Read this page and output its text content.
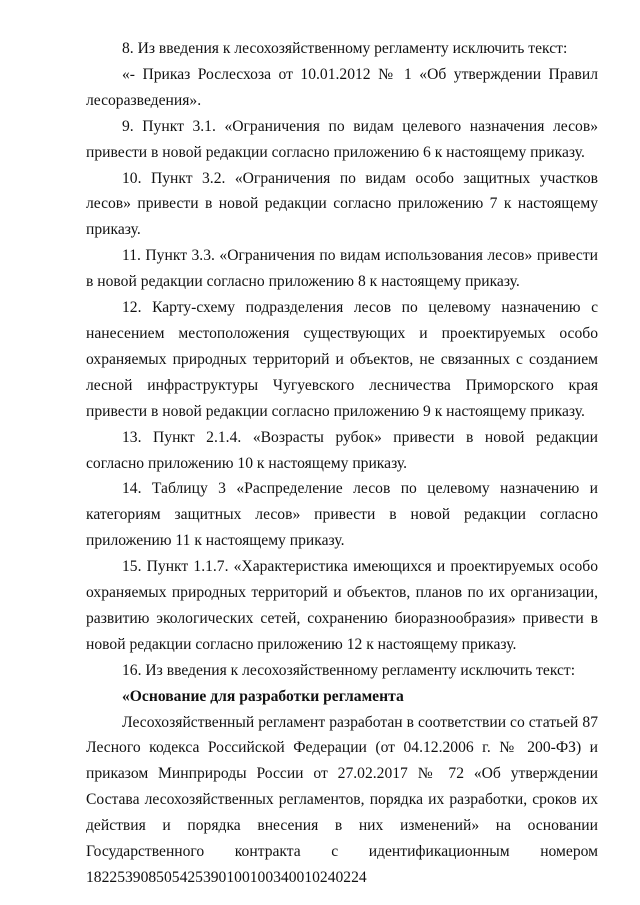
8. Из введения к лесохозяйственному регламенту исключить текст:

«- Приказ Рослесхоза от 10.01.2012 № 1 «Об утверждении Правил лесоразведения».

9. Пункт 3.1. «Ограничения по видам целевого назначения лесов» привести в новой редакции согласно приложению 6 к настоящему приказу.

10. Пункт 3.2. «Ограничения по видам особо защитных участков лесов» привести в новой редакции согласно приложению 7 к настоящему приказу.

11. Пункт 3.3. «Ограничения по видам использования лесов» привести в новой редакции согласно приложению 8 к настоящему приказу.

12. Карту-схему подразделения лесов по целевому назначению с нанесением местоположения существующих и проектируемых особо охраняемых природных территорий и объектов, не связанных с созданием лесной инфраструктуры Чугуевского лесничества Приморского края привести в новой редакции согласно приложению 9 к настоящему приказу.

13. Пункт 2.1.4. «Возрасты рубок» привести в новой редакции согласно приложению 10 к настоящему приказу.

14. Таблицу 3 «Распределение лесов по целевому назначению и категориям защитных лесов» привести в новой редакции согласно приложению 11 к настоящему приказу.

15. Пункт 1.1.7. «Характеристика имеющихся и проектируемых особо охраняемых природных территорий и объектов, планов по их организации, развитию экологических сетей, сохранению биоразнообразия» привести в новой редакции согласно приложению 12 к настоящему приказу.

16. Из введения к лесохозяйственному регламенту исключить текст:

«Основание для разработки регламента

Лесохозяйственный регламент разработан в соответствии со статьей 87 Лесного кодекса Российской Федерации (от 04.12.2006 г. № 200-ФЗ) и приказом Минприроды России от 27.02.2017 № 72 «Об утверждении Состава лесохозяйственных регламентов, порядка их разработки, сроков их действия и порядка внесения в них изменений» на основании Государственного контракта с идентификационным номером 182253908505425390100100340010240224
